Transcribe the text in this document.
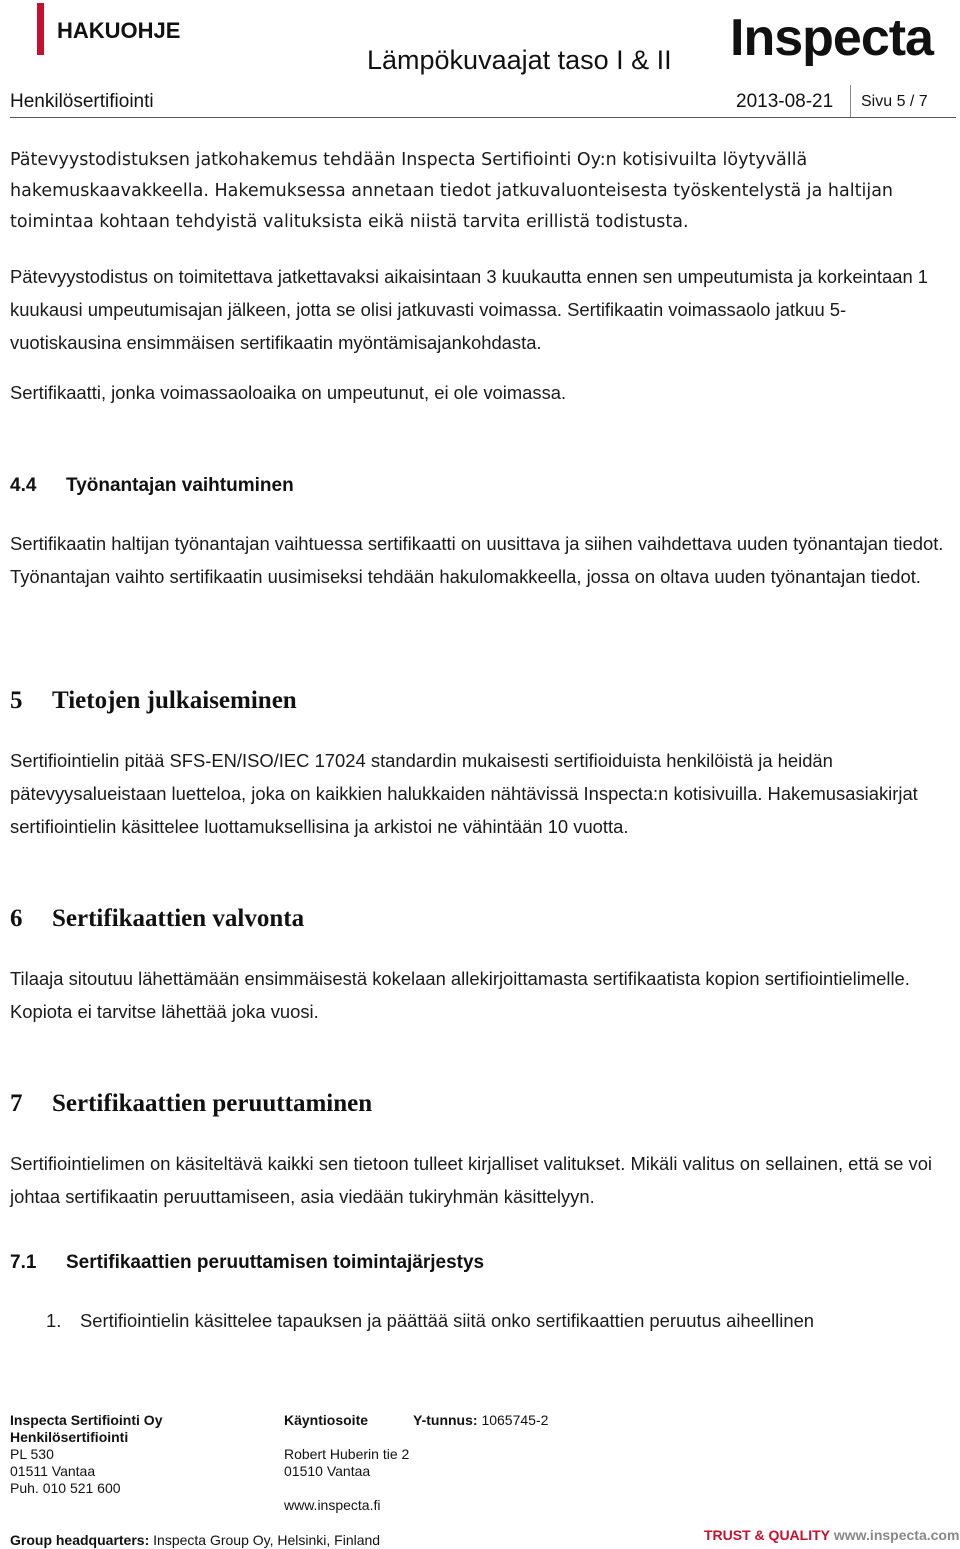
HAKUOHJE
Lämpökuvaajat taso I & II Inspecta
Henkilösertifiointi	2013-08-21 Sivu 5 / 7
Pätevyystodistuksen jatkohakemus tehdään Inspecta Sertifiointi Oy:n kotisivuilta löytyvällä hakemuskaavakkeella. Hakemuksessa annetaan tiedot jatkuvaluonteisesta työskentelystä ja haltijan toimintaa kohtaan tehdyistä valituksista eikä niistä tarvita erillistä todistusta.
Pätevyystodistus on toimitettava jatkettavaksi aikaisintaan 3 kuukautta ennen sen umpeutumista ja korkeintaan 1 kuukausi umpeutumisajan jälkeen, jotta se olisi jatkuvasti voimassa. Sertifikaatin voimassaolo jatkuu 5-vuotiskausina ensimmäisen sertifikaatin myöntämisajankohdasta.
Sertifikaatti, jonka voimassaoloaika on umpeutunut, ei ole voimassa.
4.4 Työnantajan vaihtuminen
Sertifikaatin haltijan työnantajan vaihtuessa sertifikaatti on uusittava ja siihen vaihdettava uuden työnantajan tiedot. Työnantajan vaihto sertifikaatin uusimiseksi tehdään hakulomakkeella, jossa on oltava uuden työnantajan tiedot.
5 Tietojen julkaiseminen
Sertifiointielin pitää SFS-EN/ISO/IEC 17024 standardin mukaisesti sertifioiduista henkilöistä ja heidän pätevyysalueistaan luetteloa, joka on kaikkien halukkaiden nähtävissä Inspecta:n kotisivuilla. Hakemusasiakirjat sertifiointielin käsittelee luottamuksellisina ja arkistoi ne vähintään 10 vuotta.
6 Sertifikaattien valvonta
Tilaaja sitoutuu lähettämään ensimmäisestä kokelaan allekirjoittamasta sertifikaatista kopion sertifiointielimelle. Kopiota ei tarvitse lähettää joka vuosi.
7 Sertifikaattien peruuttaminen
Sertifiointielimen on käsiteltävä kaikki sen tietoon tulleet kirjalliset valitukset. Mikäli valitus on sellainen, että se voi johtaa sertifikaatin peruuttamiseen, asia viedään tukiryhmän käsittelyyn.
7.1 Sertifikaattien peruuttamisen toimintajärjestys
1. Sertifiointielin käsittelee tapauksen ja päättää siitä onko sertifikaattien peruutus aiheellinen
Inspecta Sertifiointi Oy
Henkilösertifiointi
PL 530
01511 Vantaa
Puh. 010 521 600
Käyntiosoite
Robert Huberin tie 2
01510 Vantaa
www.inspecta.fi
Y-tunnus: 1065745-2
Group headquarters: Inspecta Group Oy, Helsinki, Finland	TRUST & QUALITY www.inspecta.com
